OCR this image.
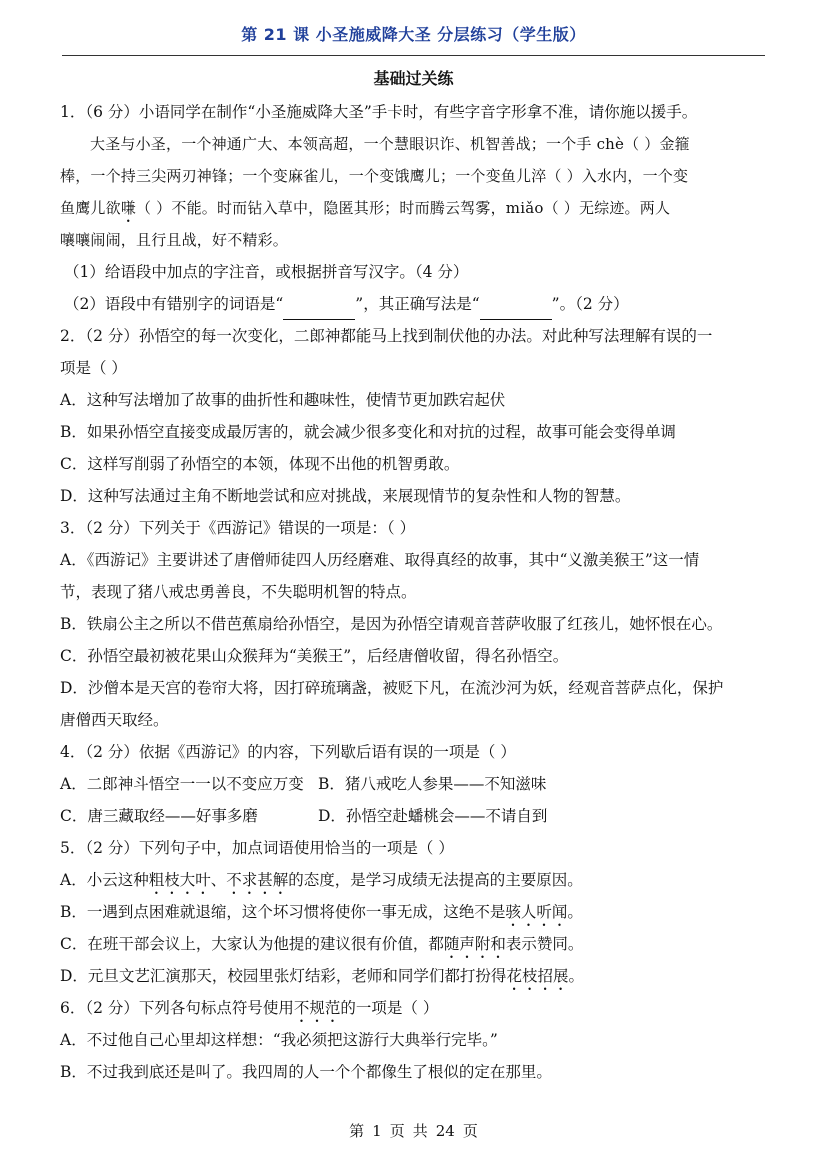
第 21 课 小圣施威降大圣 分层练习（学生版）
基础过关练
1．（6 分）小语同学在制作“小圣施威降大圣”手卡时，有些字音字形拿不准，请你施以援手。
大圣与小圣，一个神通广大、本领高超，一个慧眼识诈、机智善战；一个手 chè（ ）金箍
棒，一个持三尖两刃神锋；一个变麻雀儿，一个变饿鹰儿；一个变鱼儿淬（ ）入水内，一个变
鱼鹰儿欲嗛（ ）不能。时而钻入草中，隐匿其形；时而腾云驾雾，miǎo（ ）无综迹。两人
嚷嚷闹闹，且行且战，好不精彩。
（1）给语段中加点的字注音，或根据拼音写汉字。（4 分）
（2）语段中有错别字的词语是“	”，其正确写法是“	”。（2 分）
2．（2 分）孙悟空的每一次变化，二郎神都能马上找到制伏他的办法。对此种写法理解有误的一
项是（ ）
A．这种写法增加了故事的曲折性和趣味性，使情节更加跌宕起伏
B．如果孙悟空直接变成最厉害的，就会减少很多变化和对抗的过程，故事可能会变得单调
C．这样写削弱了孙悟空的本领，体现不出他的机智勇敢。
D．这种写法通过主角不断地尝试和应对挑战，来展现情节的复杂性和人物的智慧。
3．（2 分）下列关于《西游记》错误的一项是：（ ）
A．《西游记》主要讲述了唐僧师徒四人历经磨难、取得真经的故事，其中“义激美猴王”这一情
节，表现了猪八戒忠勇善良，不失聪明机智的特点。
B．铁扇公主之所以不借芭蕉扇给孙悟空，是因为孙悟空请观音菩萨收服了红孩儿，她怀恨在心。
C．孙悟空最初被花果山众猴拜为“美猴王”，后经唐僧收留，得名孙悟空。
D．沙僧本是天宫的卷帘大将，因打碎琉璃盏，被贬下凡，在流沙河为妖，经观音菩萨点化，保护
唐僧西天取经。
4．（2 分）依据《西游记》的内容，下列歇后语有误的一项是（ ）
A．二郎神斗悟空一一以不变应万变 B．猪八戒吃人参果——不知滋味
C．唐三藏取经——好事多磨	D．孙悟空赴蟠桃会——不请自到
5．（2 分）下列句子中，加点词语使用恰当的一项是（ ）
A．小云这种粗枝大叶、不求甚解的态度，是学习成绩无法提高的主要原因。
B．一遇到点困难就退缩，这个坏习惯将使你一事无成，这绝不是骇人听闻。
C．在班干部会议上，大家认为他提的建议很有价值，都随声附和表示赞同。
D．元旦文艺汇演那天，校园里张灯结彩，老师和同学们都打扮得花枝招展。
6．（2 分）下列各句标点符号使用不规范的一项是（ ）
A．不过他自己心里却这样想：“我必须把这游行大典举行完毕。”
B．不过我到底还是叫了。我四周的人一个个都像生了根似的定在那里。
第 1 页 共 24 页
